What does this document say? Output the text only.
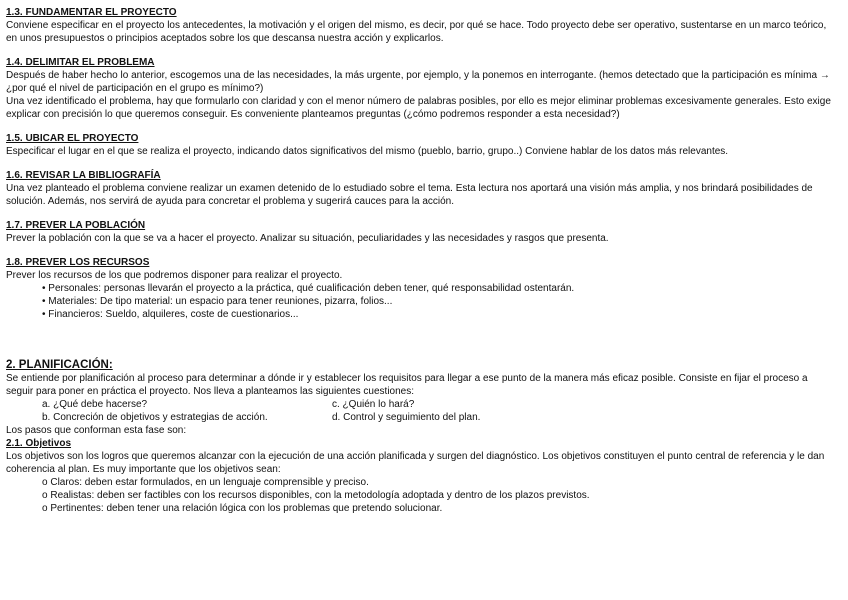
1.3. FUNDAMENTAR EL PROYECTO

Conviene especificar en el proyecto los antecedentes, la motivación y el origen del mismo, es decir, por qué se hace. Todo proyecto debe ser operativo, sustentarse en un marco teórico, en unos presupuestos o principios aceptados sobre los que descansa nuestra acción y explicarlos.

1.4. DELIMITAR EL PROBLEMA

Después de haber hecho lo anterior, escogemos una de las necesidades, la más urgente, por ejemplo, y la ponemos en interrogante. (hemos detectado que la participación es mínima → ¿por qué el nivel de participación en el grupo es mínimo?)

Una vez identificado el problema, hay que formularlo con claridad y con el menor número de palabras posibles, por ello es mejor eliminar problemas excesivamente generales. Esto exige explicar con precisión lo que queremos conseguir. Es conveniente planteamos preguntas (¿cómo podremos responder a esta necesidad?)

1.5. UBICAR EL PROYECTO

Especificar el lugar en el que se realiza el proyecto, indicando datos significativos del mismo (pueblo, barrio, grupo..) Conviene hablar de los datos más relevantes.

1.6. REVISAR LA BIBLIOGRAFÍA

Una vez planteado el problema conviene realizar un examen detenido de lo estudiado sobre el tema. Esta lectura nos aportará una visión más amplia, y nos brindará posibilidades de solución. Además, nos servirá de ayuda para concretar el problema y sugerirá cauces para la acción.

1.7. PREVER LA POBLACIÓN

Prever la población con la que se va a hacer el proyecto. Analizar su situación, peculiaridades y las necesidades y rasgos que presenta.

1.8. PREVER LOS RECURSOS

Prever los recursos de los que podremos disponer para realizar el proyecto.

• Personales: personas llevarán el proyecto a la práctica, qué cualificación deben tener, qué responsabilidad ostentarán.
• Materiales: De tipo material: un espacio para tener reuniones, pizarra, folios...
• Financieros: Sueldo, alquileres, coste de cuestionarios...

2. PLANIFICACIÓN:

Se entiende por planificación al proceso para determinar a dónde ir y establecer los requisitos para llegar a ese punto de la manera más eficaz posible. Consiste en fijar el proceso a seguir para poner en práctica el proyecto. Nos lleva a planteamos las siguientes cuestiones:

a. ¿Qué debe hacerse?	c. ¿Quién lo hará?
b. Concreción de objetivos y estrategias de acción.	d. Control y seguimiento del plan.

Los pasos que conforman esta fase son:

2.1. Objetivos

Los objetivos son los logros que queremos alcanzar con la ejecución de una acción planificada y surgen del diagnóstico. Los objetivos constituyen el punto central de referencia y le dan coherencia al plan. Es muy importante que los objetivos sean:

o Claros: deben estar formulados, en un lenguaje comprensible y preciso.
o Realistas: deben ser factibles con los recursos disponibles, con la metodología adoptada y dentro de los plazos previstos.
o Pertinentes: deben tener una relación lógica con los problemas que pretendo solucionar.
